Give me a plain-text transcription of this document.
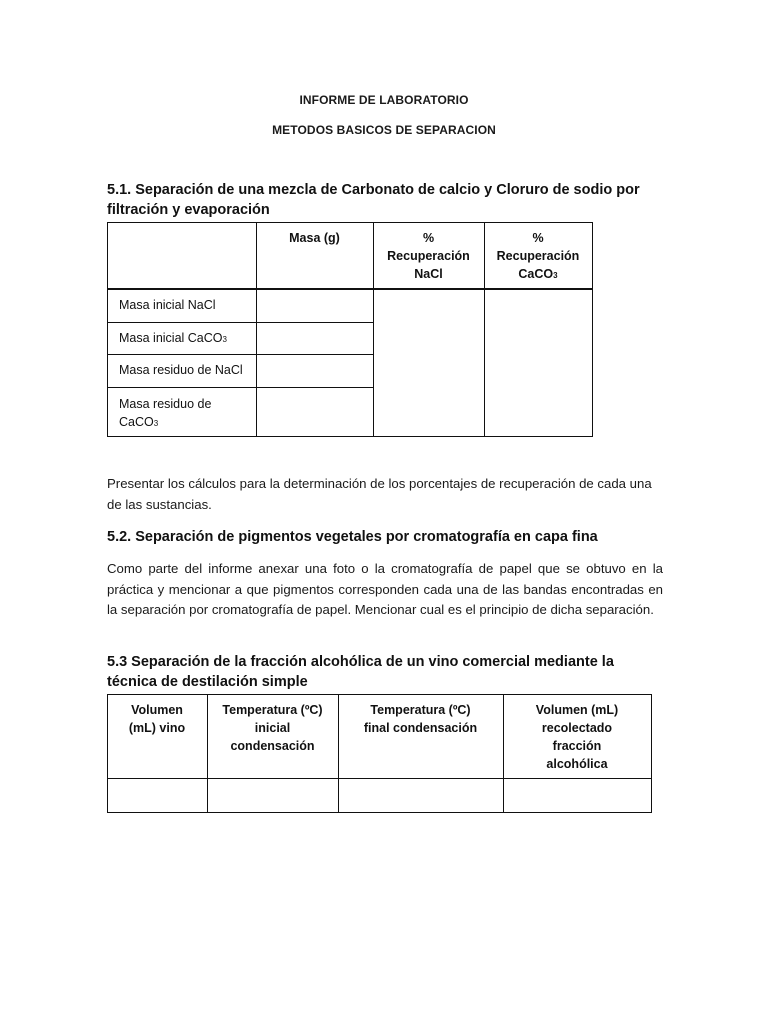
INFORME DE LABORATORIO
METODOS BASICOS DE SEPARACION
5.1. Separación de una mezcla de Carbonato de calcio y Cloruro de sodio por filtración y evaporación
Masa (g)	%
Recuperación
NaCl
%
Recuperación
CaCO3
Masa inicial NaCl
Masa inicial CaCO3
Masa residuo de NaCl
Masa residuo de
CaCO3
Presentar los cálculos para la determinación de los porcentajes de recuperación de cada una de las sustancias.
5.2. Separación de pigmentos vegetales por cromatografía en capa fina
Como parte del informe anexar una foto o la cromatografía de papel que se obtuvo en la práctica y mencionar a que pigmentos corresponden cada una de las bandas encontradas en la separación por cromatografía de papel. Mencionar cual es el principio de dicha separación.
5.3 Separación de la fracción alcohólica de un vino comercial mediante la técnica de destilación simple
Volumen
(mL) vino
Temperatura (ºC)
inicial
condensación
Temperatura (ºC)
final condensación
Volumen (mL)
recolectado
fracción
alcohólica
